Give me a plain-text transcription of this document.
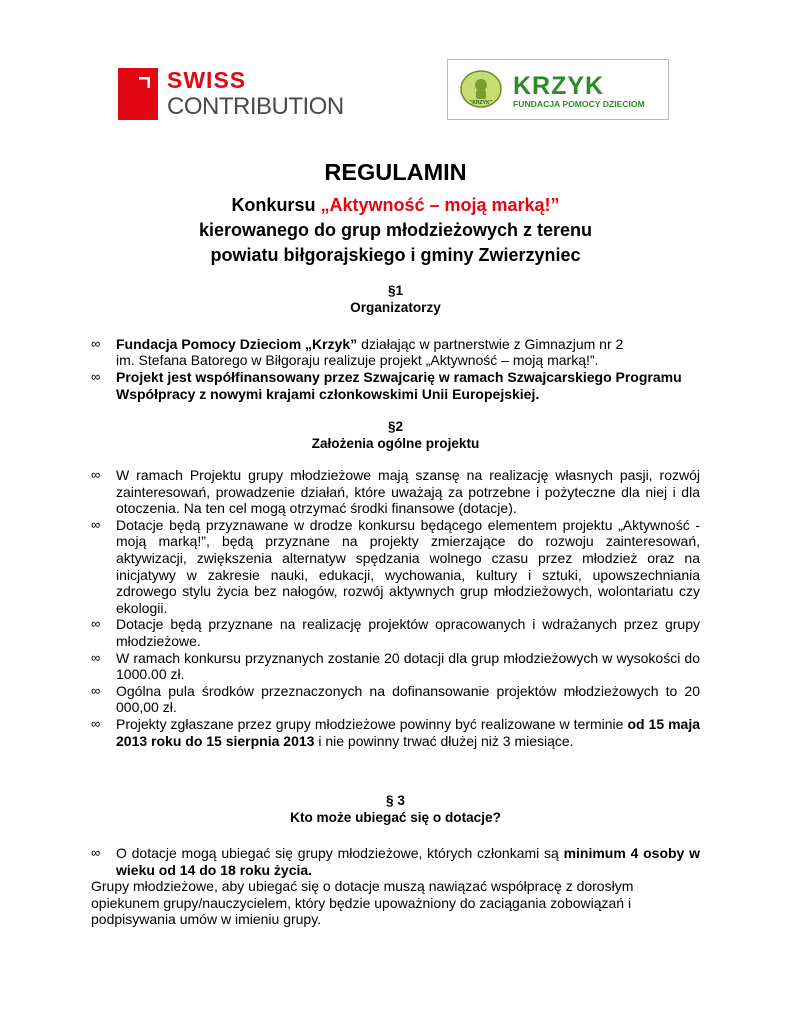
SWISS
CONTRIBUTION	"KRZYK"
KRZYK
FUNDACJA POMOCY DZIECIOM
REGULAMIN
Konkursu „Aktywność – moją marką!”
kierowanego do grup młodzieżowych z terenu
powiatu biłgorajskiego i gminy Zwierzyniec
§1
Organizatorzy
∞ Fundacja Pomocy Dzieciom „Krzyk” działając w partnerstwie z Gimnazjum nr 2
im. Stefana Batorego w Biłgoraju realizuje projekt „Aktywność – moją marką!”.
∞ Projekt jest współfinansowany przez Szwajcarię w ramach Szwajcarskiego Programu Współpracy z nowymi krajami członkowskimi Unii Europejskiej.
§2
Założenia ogólne projektu
∞ W ramach Projektu grupy młodzieżowe mają szansę na realizację własnych pasji, rozwój zainteresowań, prowadzenie działań, które uważają za potrzebne i pożyteczne dla niej i dla otoczenia. Na ten cel mogą otrzymać środki finansowe (dotacje).
∞ Dotacje będą przyznawane w drodze konkursu będącego elementem projektu „Aktywność - moją marką!”, będą przyznane na projekty zmierzające do rozwoju zainteresowań, aktywizacji, zwiększenia alternatyw spędzania wolnego czasu przez młodzież oraz na inicjatywy w zakresie nauki, edukacji, wychowania, kultury i sztuki, upowszechniania zdrowego stylu życia bez nałogów, rozwój aktywnych grup młodzieżowych, wolontariatu czy ekologii.
∞ Dotacje będą przyznane na realizację projektów opracowanych i wdrażanych przez grupy młodzieżowe.
∞ W ramach konkursu przyznanych zostanie 20 dotacji dla grup młodzieżowych w wysokości do 1000.00 zł.
∞ Ogólna pula środków przeznaczonych na dofinansowanie projektów młodzieżowych to 20 000,00 zł.
∞ Projekty zgłaszane przez grupy młodzieżowe powinny być realizowane w terminie od 15 maja 2013 roku do 15 sierpnia 2013 i nie powinny trwać dłużej niż 3 miesiące.
§ 3
Kto może ubiegać się o dotacje?
∞ O dotacje mogą ubiegać się grupy młodzieżowe, których członkami są minimum 4 osoby w wieku od 14 do 18 roku życia.
Grupy młodzieżowe, aby ubiegać się o dotacje muszą nawiązać współpracę z dorosłym opiekunem grupy/nauczycielem, który będzie upoważniony do zaciągania zobowiązań i podpisywania umów w imieniu grupy.
